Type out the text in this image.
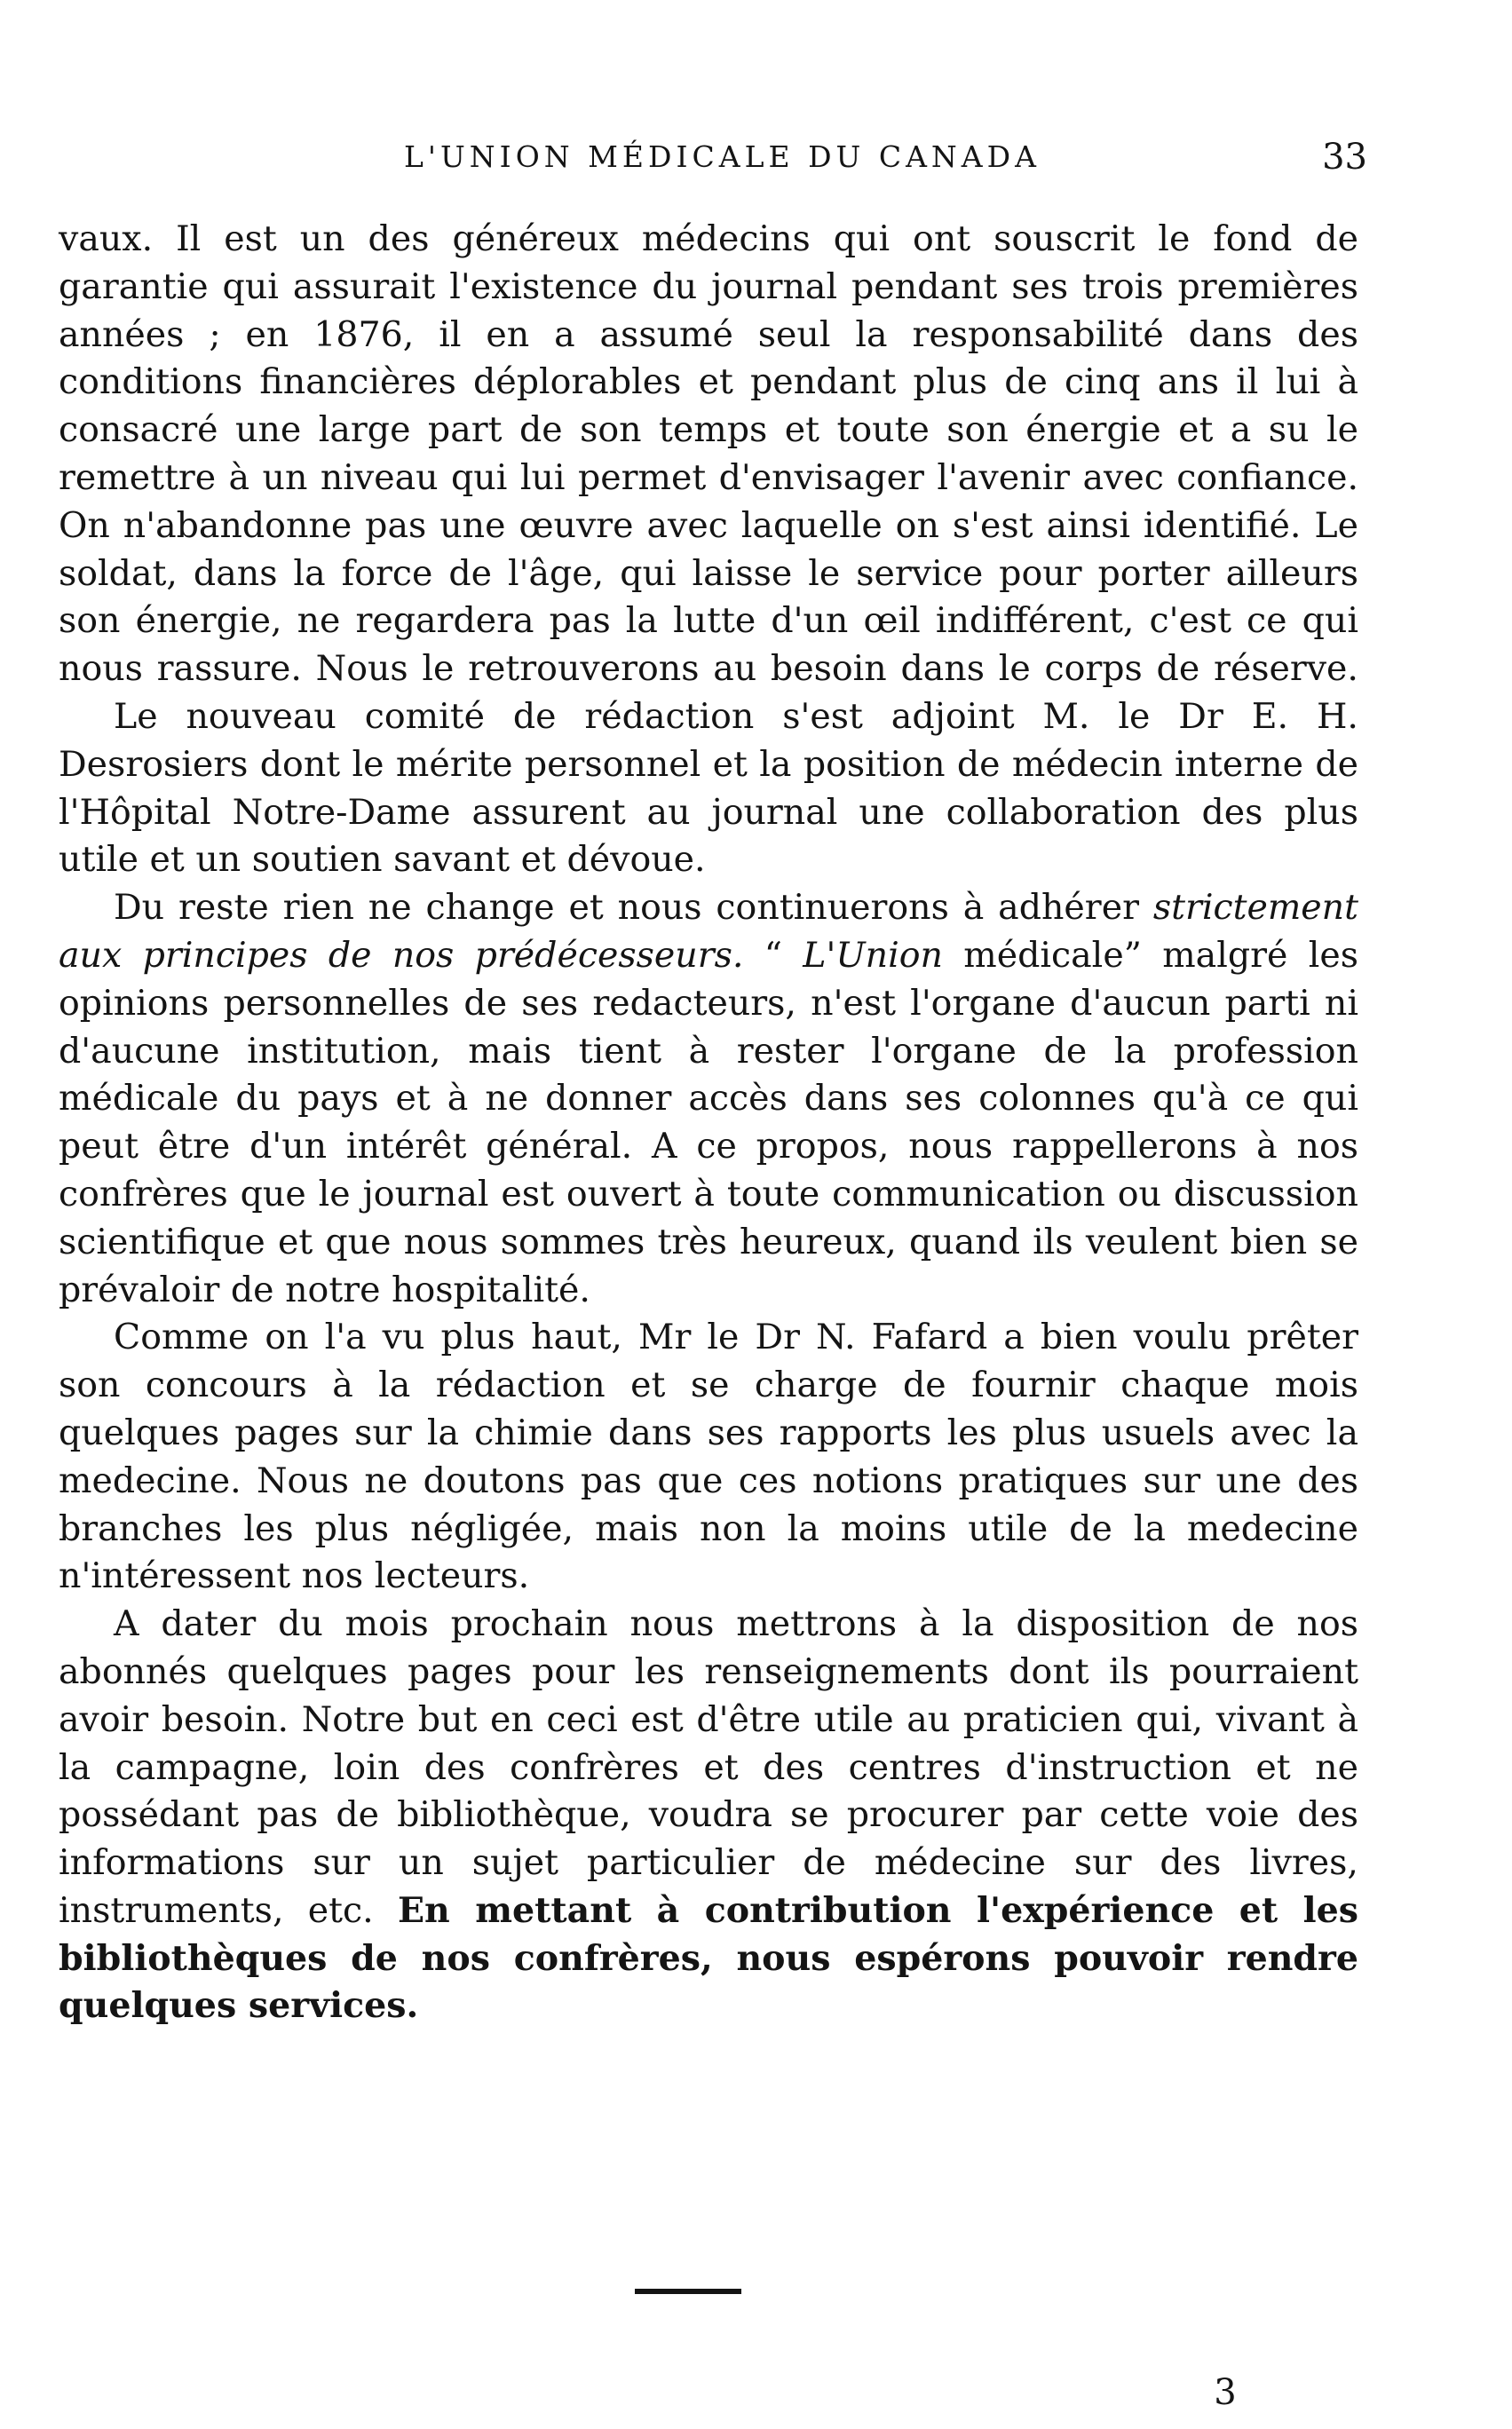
L'UNION MÉDICALE DU CANADA	33

vaux. Il est un des généreux médecins qui ont souscrit le fond de garantie qui assurait l'existence du journal pendant ses trois premières années ; en 1876, il en a assumé seul la responsabilité dans des conditions financières déplorables et pendant plus de cinq ans il lui à consacré une large part de son temps et toute son énergie et a su le remettre à un niveau qui lui permet d'envisager l'avenir avec confiance. On n'abandonne pas une œuvre avec laquelle on s'est ainsi identifié. Le soldat, dans la force de l'âge, qui laisse le service pour porter ailleurs son énergie, ne regardera pas la lutte d'un œil indifférent, c'est ce qui nous rassure. Nous le retrouverons au besoin dans le corps de réserve.

Le nouveau comité de rédaction s'est adjoint M. le Dr E. H. Desrosiers dont le mérite personnel et la position de médecin interne de l'Hôpital Notre-Dame assurent au journal une collaboration des plus utile et un soutien savant et dévoue.

Du reste rien ne change et nous continuerons à adhérer strictement aux principes de nos prédécesseurs. “ L'Union médicale” malgré les opinions personnelles de ses redacteurs, n'est l'organe d'aucun parti ni d'aucune institution, mais tient à rester l'organe de la profession médicale du pays et à ne donner accès dans ses colonnes qu'à ce qui peut être d'un intérêt général. A ce propos, nous rappellerons à nos confrères que le journal est ouvert à toute communication ou discussion scientifique et que nous sommes très heureux, quand ils veulent bien se prévaloir de notre hospitalité.

Comme on l'a vu plus haut, Mr le Dr N. Fafard a bien voulu prêter son concours à la rédaction et se charge de fournir chaque mois quelques pages sur la chimie dans ses rapports les plus usuels avec la medecine. Nous ne doutons pas que ces notions pratiques sur une des branches les plus négligée, mais non la moins utile de la medecine n'intéressent nos lecteurs.

A dater du mois prochain nous mettrons à la disposition de nos abonnés quelques pages pour les renseignements dont ils pourraient avoir besoin. Notre but en ceci est d'être utile au praticien qui, vivant à la campagne, loin des confrères et des centres d'instruction et ne possédant pas de bibliothèque, voudra se procurer par cette voie des informations sur un sujet particulier de médecine sur des livres, instruments, etc. En mettant à contribution l'expérience et les bibliothèques de nos confrères, nous espérons pouvoir rendre quelques services.

3
